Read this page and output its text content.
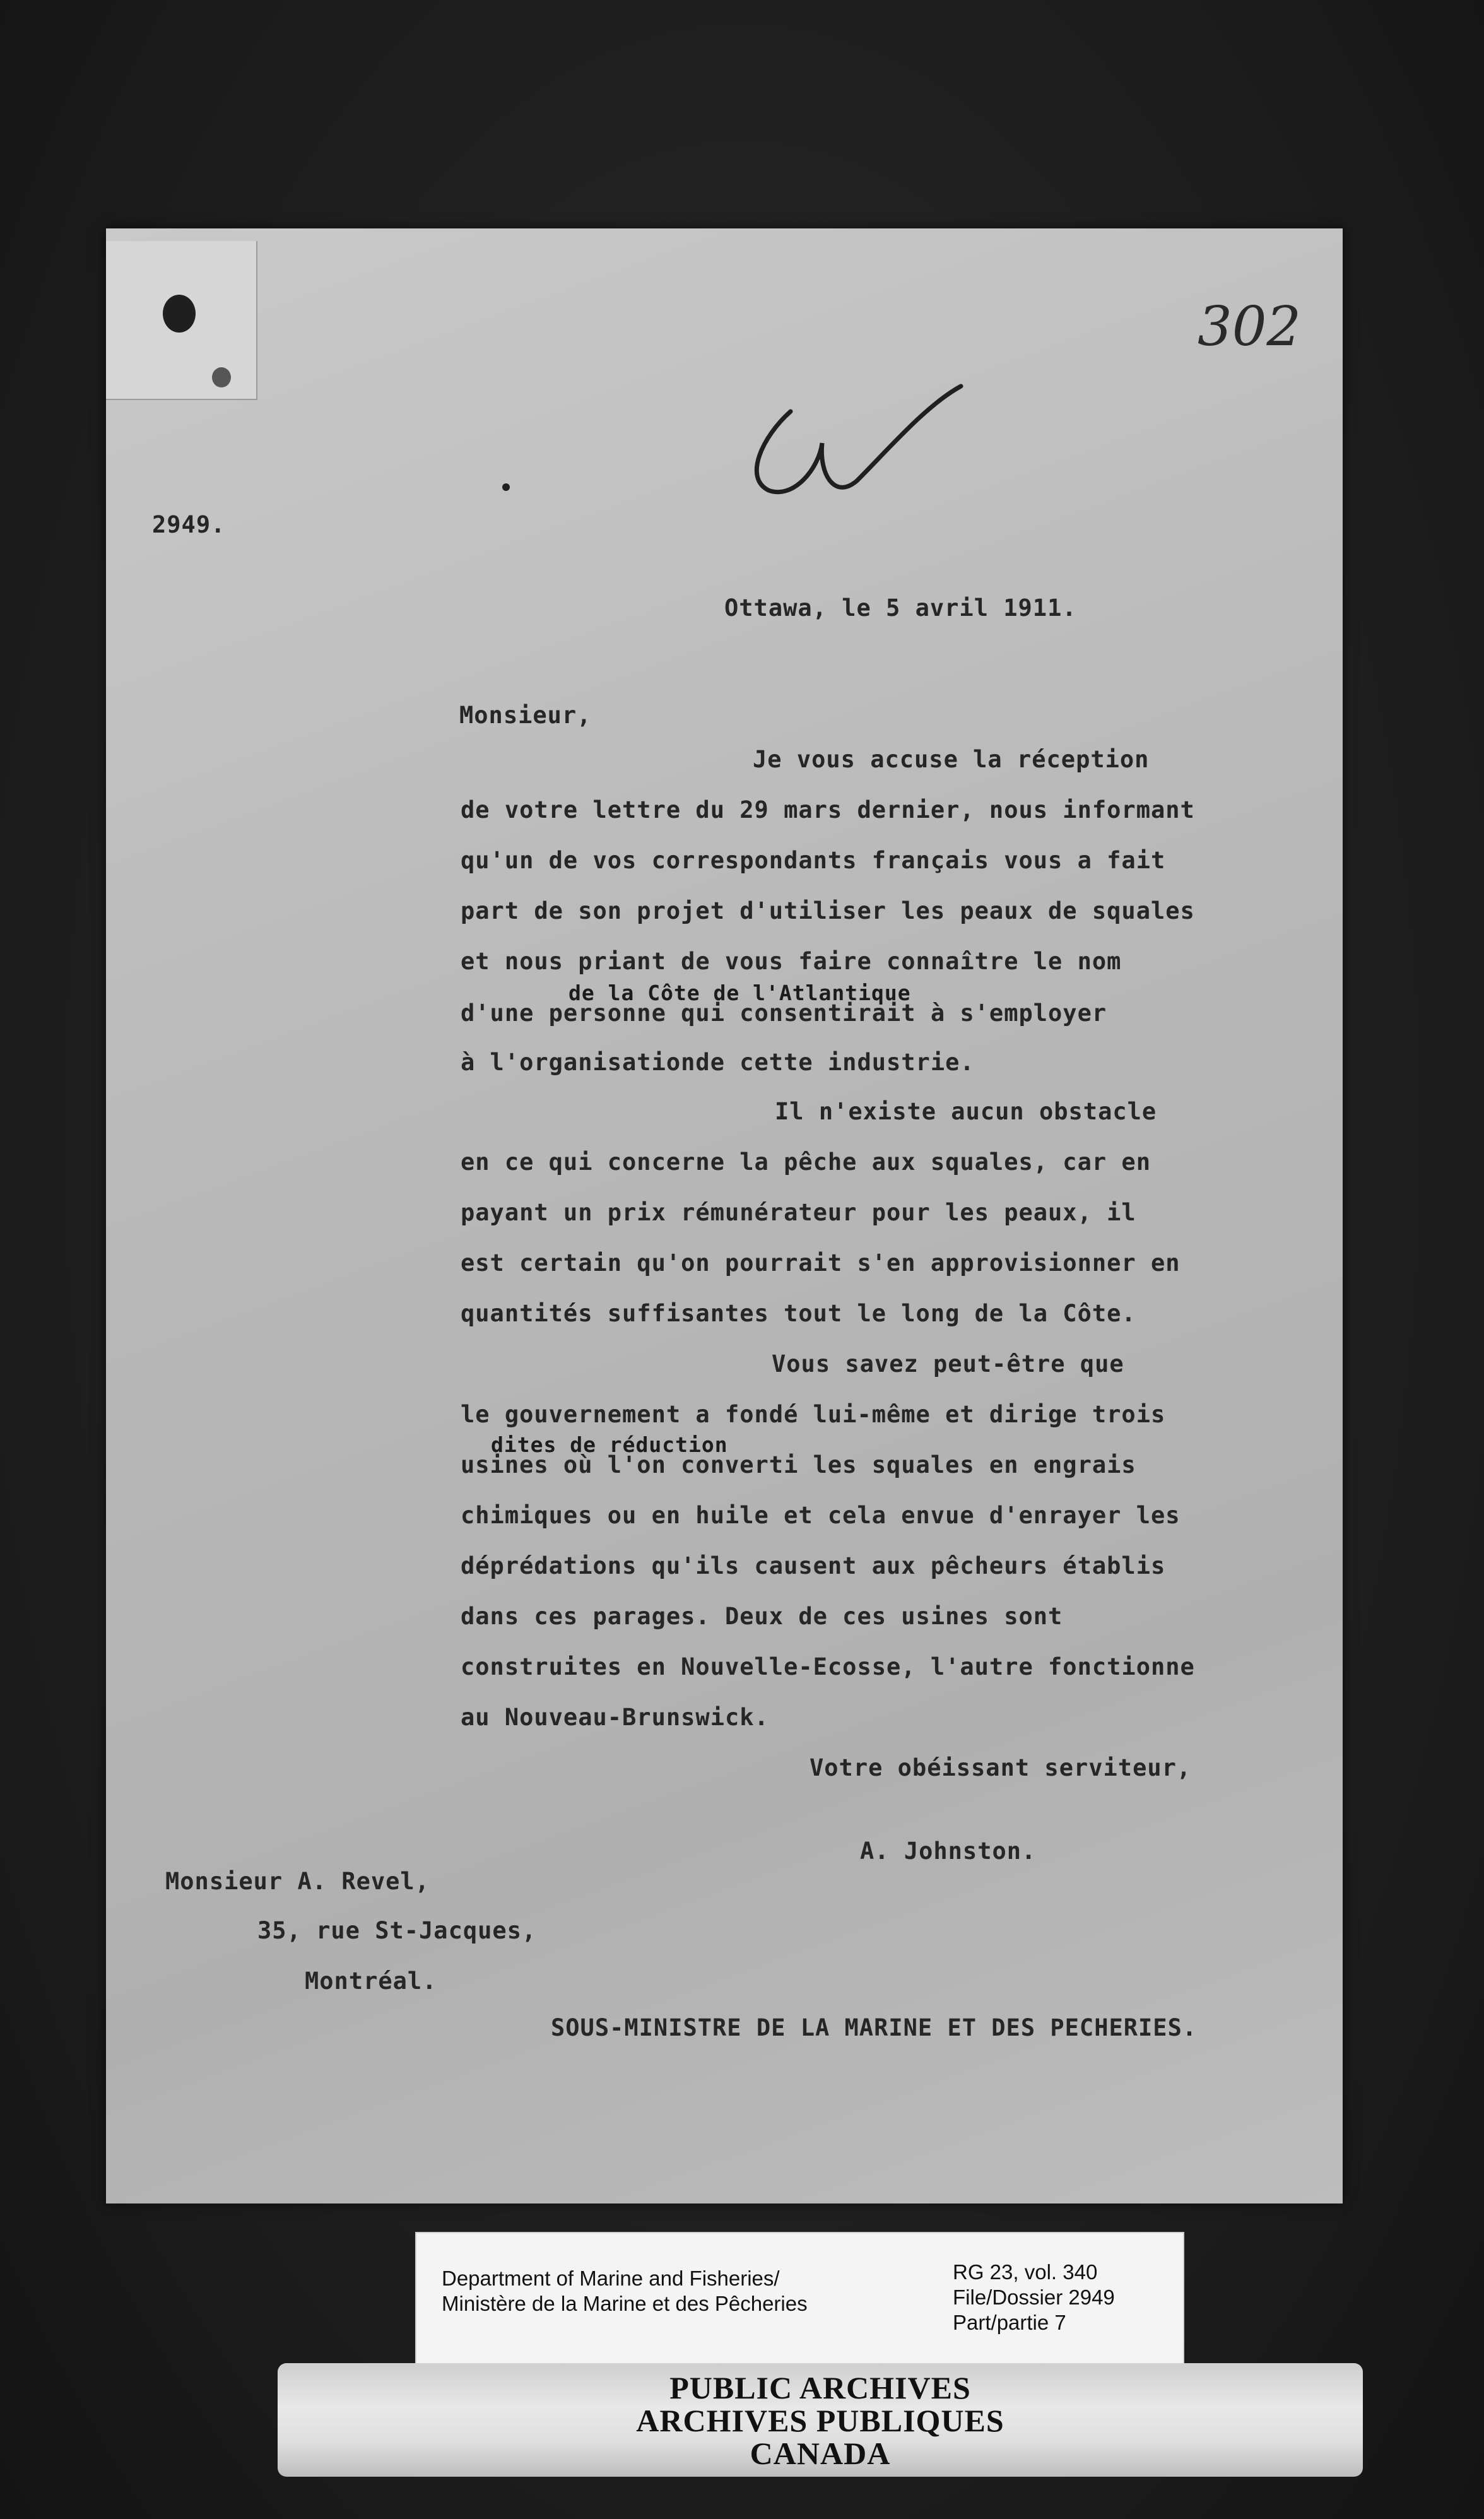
2949.
302
Ottawa, le 5 avril 1911.
Monsieur,
Je vous accuse la réception
de votre lettre du 29 mars dernier, nous informant
qu'un de vos correspondants français vous a fait
part de son projet d'utiliser les peaux de squales
et nous priant de vous faire connaître le nom
de la Côte de l'Atlantique
d'une personne qui consentirait à s'employer
à l'organisationde cette industrie.
Il n'existe aucun obstacle
en ce qui concerne la pêche aux squales, car en
payant un prix rémunérateur pour les peaux, il
est certain qu'on pourrait s'en approvisionner en
quantités suffisantes tout le long de la Côte.
Vous savez peut-être que
le gouvernement a fondé lui-même et dirige trois
dites de réduction
usines où l'on converti les squales en engrais
chimiques ou en huile et cela envue d'enrayer les
déprédations qu'ils causent aux pêcheurs établis
dans ces parages. Deux de ces usines sont
construites en Nouvelle-Ecosse, l'autre fonctionne
au Nouveau-Brunswick.
Votre obéissant serviteur,
A. Johnston.
Monsieur A. Revel,
35, rue St-Jacques,
Montréal.
SOUS-MINISTRE DE LA MARINE ET DES PECHERIES.
Department of Marine and Fisheries/
Ministère de la Marine et des Pêcheries
RG 23, vol. 340
File/Dossier 2949
Part/partie 7
PUBLIC ARCHIVES
ARCHIVES PUBLIQUES
CANADA
